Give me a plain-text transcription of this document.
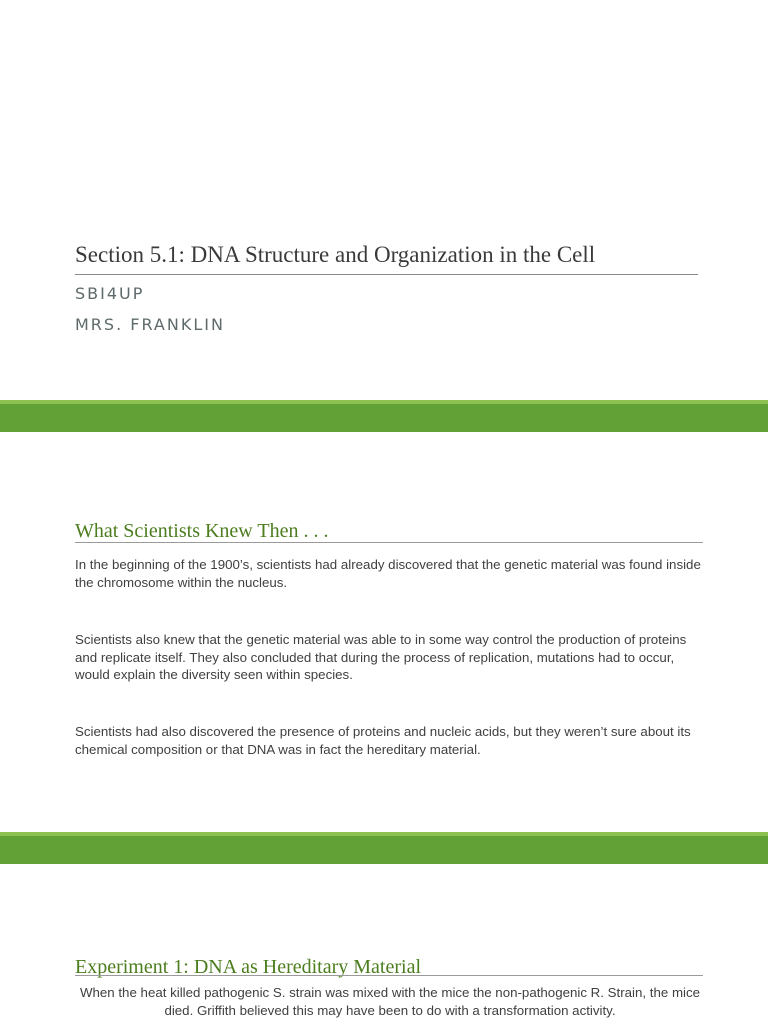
Section 5.1: DNA Structure and Organization in the Cell

SBI4UP

MRS. FRANKLIN

What Scientists Knew Then . . .

In the beginning of the 1900’s, scientists had already discovered that the genetic material was found inside the chromosome within the nucleus.

Scientists also knew that the genetic material was able to in some way control the production of proteins and replicate itself. They also concluded that during the process of replication, mutations had to occur, would explain the diversity seen within species.

Scientists had also discovered the presence of proteins and nucleic acids, but they weren’t sure about its chemical composition or that DNA was in fact the hereditary material.

Experiment 1: DNA as Hereditary Material

When the heat killed pathogenic S. strain was mixed with the mice the non-pathogenic R. Strain, the mice died. Griffith believed this may have been to do with a transformation activity.
